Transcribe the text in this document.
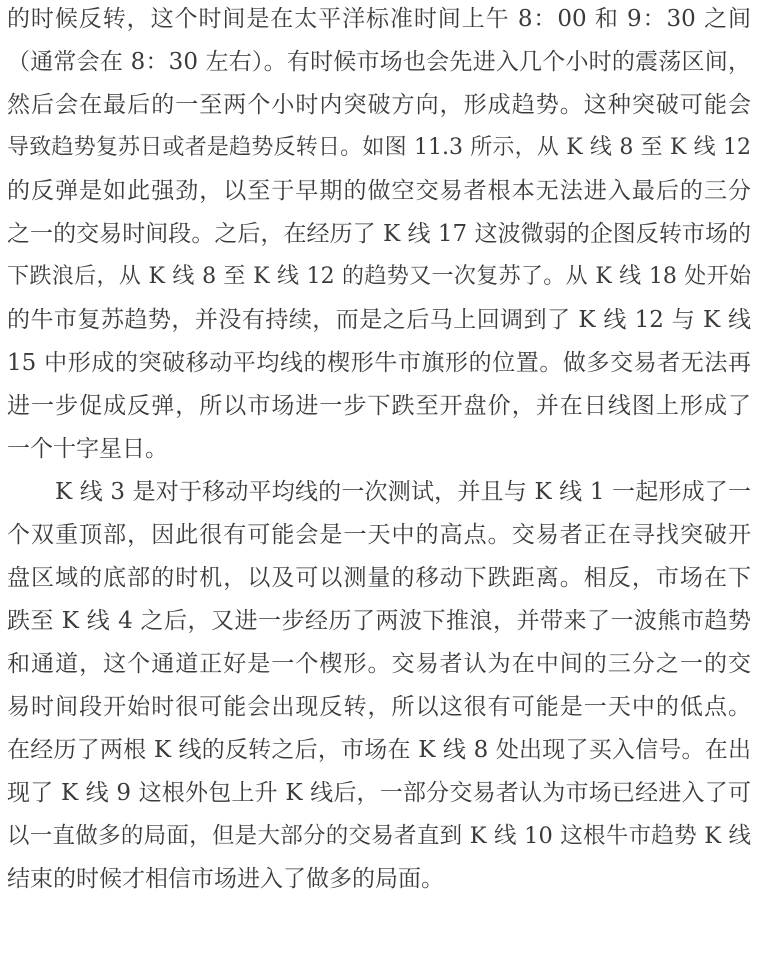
的时候反转，这个时间是在太平洋标准时间上午 8：00 和 9：30 之间

（通常会在 8：30 左右）。有时候市场也会先进入几个小时的震荡区间，

然后会在最后的一至两个小时内突破方向，形成趋势。这种突破可能会

导致趋势复苏日或者是趋势反转日。如图 11.3 所示，从 K 线 8 至 K 线 12

的反弹是如此强劲，以至于早期的做空交易者根本无法进入最后的三分

之一的交易时间段。之后，在经历了 K 线 17 这波微弱的企图反转市场的

下跌浪后，从 K 线 8 至 K 线 12 的趋势又一次复苏了。从 K 线 18 处开始

的牛市复苏趋势，并没有持续，而是之后马上回调到了 K 线 12 与 K 线

15 中形成的突破移动平均线的楔形牛市旗形的位置。做多交易者无法再

进一步促成反弹，所以市场进一步下跌至开盘价，并在日线图上形成了

一个十字星日。

K 线 3 是对于移动平均线的一次测试，并且与 K 线 1 一起形成了一

个双重顶部，因此很有可能会是一天中的高点。交易者正在寻找突破开

盘区域的底部的时机，以及可以测量的移动下跌距离。相反，市场在下

跌至 K 线 4 之后，又进一步经历了两波下推浪，并带来了一波熊市趋势

和通道，这个通道正好是一个楔形。交易者认为在中间的三分之一的交

易时间段开始时很可能会出现反转，所以这很有可能是一天中的低点。

在经历了两根 K 线的反转之后，市场在 K 线 8 处出现了买入信号。在出

现了 K 线 9 这根外包上升 K 线后，一部分交易者认为市场已经进入了可

以一直做多的局面，但是大部分的交易者直到 K 线 10 这根牛市趋势 K 线

结束的时候才相信市场进入了做多的局面。
